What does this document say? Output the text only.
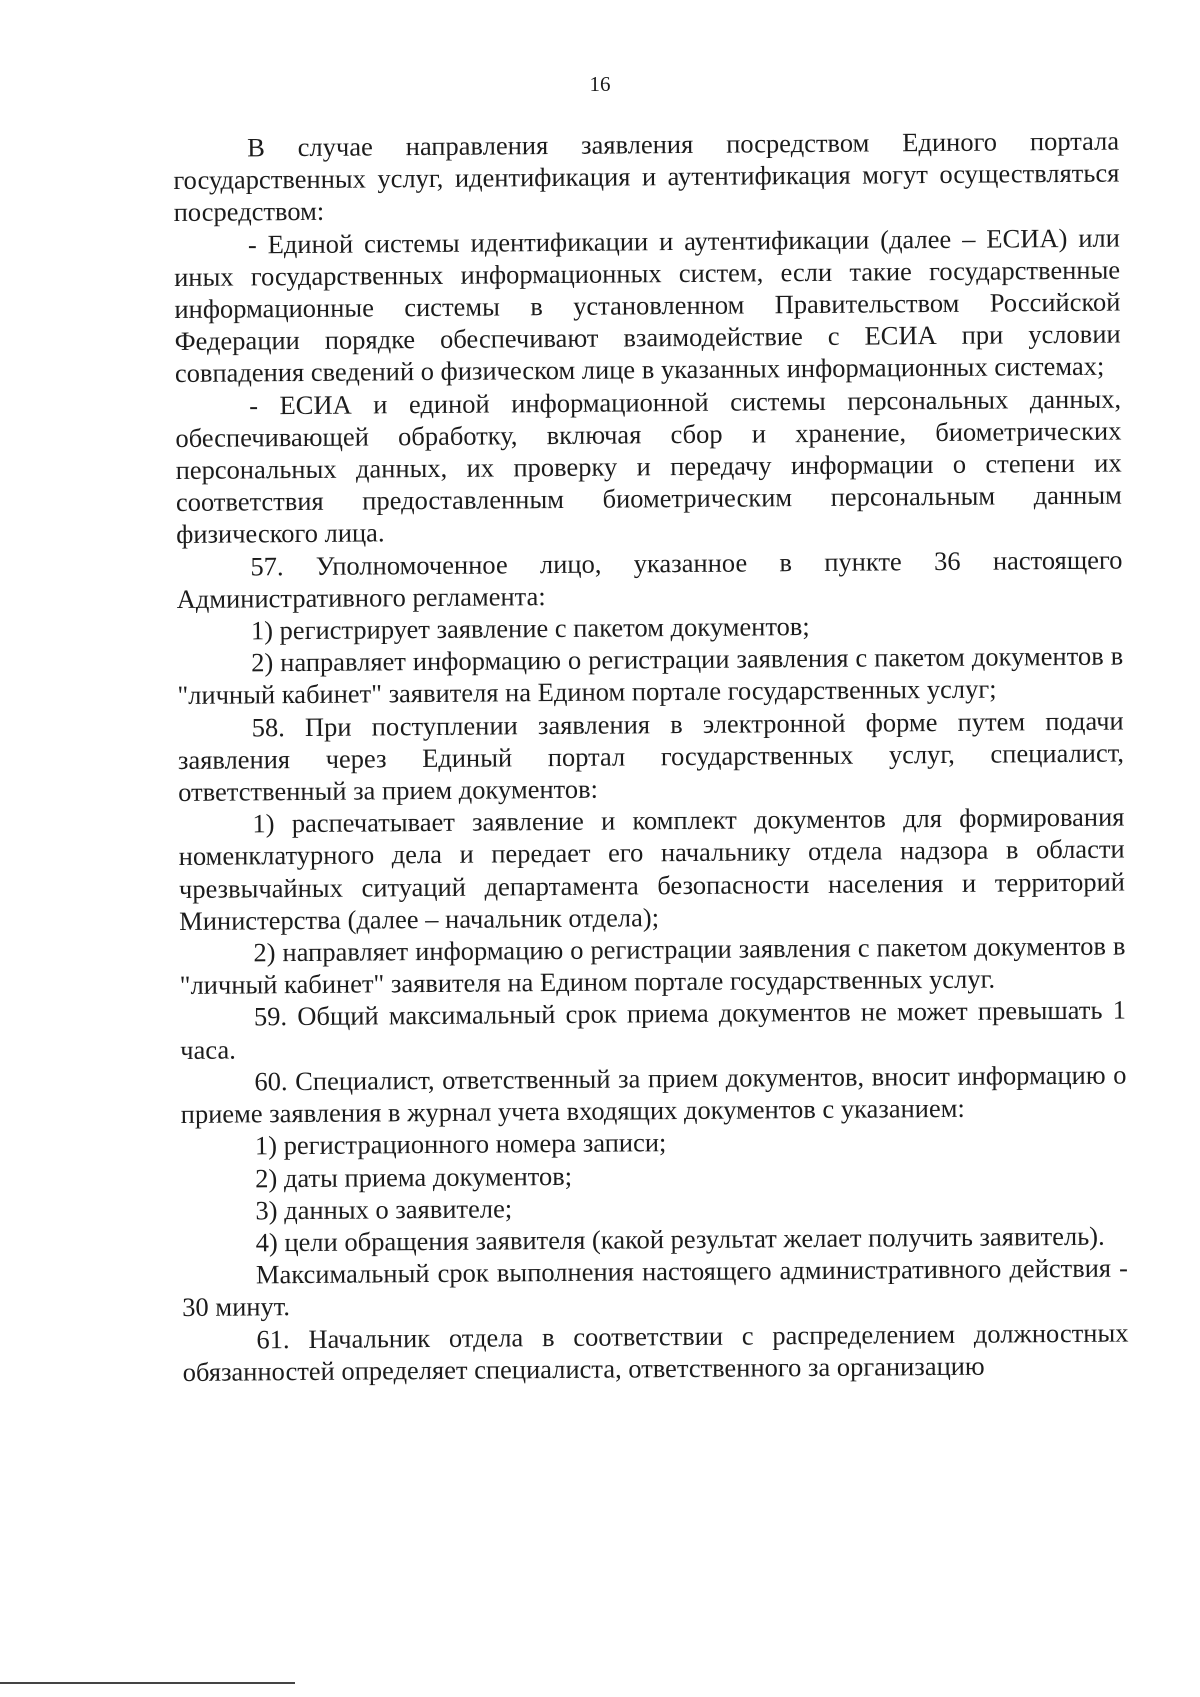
16

В случае направления заявления посредством Единого портала государственных услуг, идентификация и аутентификация могут осуществляться посредством:

- Единой системы идентификации и аутентификации (далее – ЕСИА) или иных государственных информационных систем, если такие государственные информационные системы в установленном Правительством Российской Федерации порядке обеспечивают взаимодействие с ЕСИА при условии совпадения сведений о физическом лице в указанных информационных системах;

- ЕСИА и единой информационной системы персональных данных, обеспечивающей обработку, включая сбор и хранение, биометрических персональных данных, их проверку и передачу информации о степени их соответствия предоставленным биометрическим персональным данным физического лица.

57. Уполномоченное лицо, указанное в пункте 36 настоящего Административного регламента:

1) регистрирует заявление с пакетом документов;

2) направляет информацию о регистрации заявления с пакетом документов в "личный кабинет" заявителя на Едином портале государственных услуг;

58. При поступлении заявления в электронной форме путем подачи заявления через Единый портал государственных услуг, специалист, ответственный за прием документов:

1) распечатывает заявление и комплект документов для формирования номенклатурного дела и передает его начальнику отдела надзора в области чрезвычайных ситуаций департамента безопасности населения и территорий Министерства (далее – начальник отдела);

2) направляет информацию о регистрации заявления с пакетом документов в "личный кабинет" заявителя на Едином портале государственных услуг.

59. Общий максимальный срок приема документов не может превышать 1 часа.

60. Специалист, ответственный за прием документов, вносит информацию о приеме заявления в журнал учета входящих документов с указанием:

1) регистрационного номера записи;

2) даты приема документов;

3) данных о заявителе;

4) цели обращения заявителя (какой результат желает получить заявитель).

Максимальный срок выполнения настоящего административного действия - 30 минут.

61. Начальник отдела в соответствии с распределением должностных обязанностей определяет специалиста, ответственного за организацию
